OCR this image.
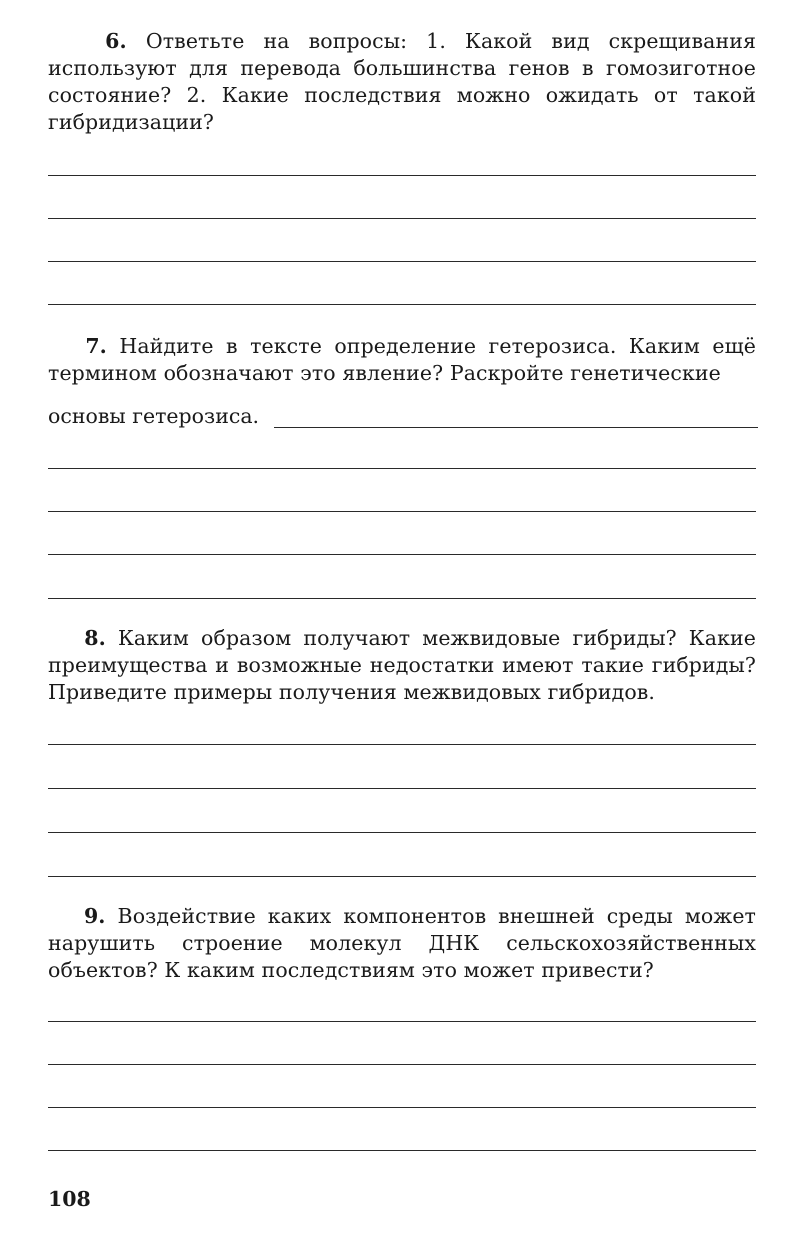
6. Ответьте на вопросы: 1. Какой вид скрещивания используют для перевода большинства генов в гомозиготное состояние? 2. Какие последствия можно ожидать от такой гибридизации?
7. Найдите в тексте определение гетерозиса. Каким ещё термином обозначают это явление? Раскройте генетические
основы гетерозиса.
8. Каким образом получают межвидовые гибриды? Какие преимущества и возможные недостатки имеют такие гибриды? Приведите примеры получения межвидовых гибридов.
9. Воздействие каких компонентов внешней среды может нарушить строение молекул ДНК сельскохозяйственных объектов? К каким последствиям это может привести?
108
